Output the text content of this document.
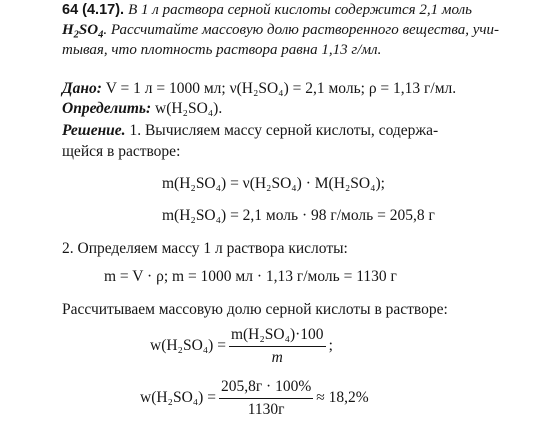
64 (4.17). В 1 л раствора серной кислоты содержится 2,1 моль
$H_2SO_4$. Рассчитайте массовую долю растворенного вещества, учи-
тывая, что плотность раствора равна 1,13 г/мл.
Дано: V = 1 л = 1000 мл; ν(H₂SO₄) = 2,1 моль; ρ = 1,13 г/мл.
Определить: w(H₂SO₄).
Решение. 1. Вычисляем массу серной кислоты, содержа-
щейся в растворе:
m(H₂SO₄) = ν(H₂SO₄) · M(H₂SO₄);
m(H₂SO₄) = 2,1 моль · 98 г/моль = 205,8 г
2. Определяем массу 1 л раствора кислоты:
m = V · ρ; m = 1000 мл · 1,13 г/моль = 1130 г
Рассчитываем массовую долю серной кислоты в растворе:
$w(H_2SO_4) = \frac{\text{m(H₂SO₄)·100}}{m}$ ;
$w(H_2SO_4) = \frac{205,8г \cdot 100\%}{1130г} \approx 18,2\%$
